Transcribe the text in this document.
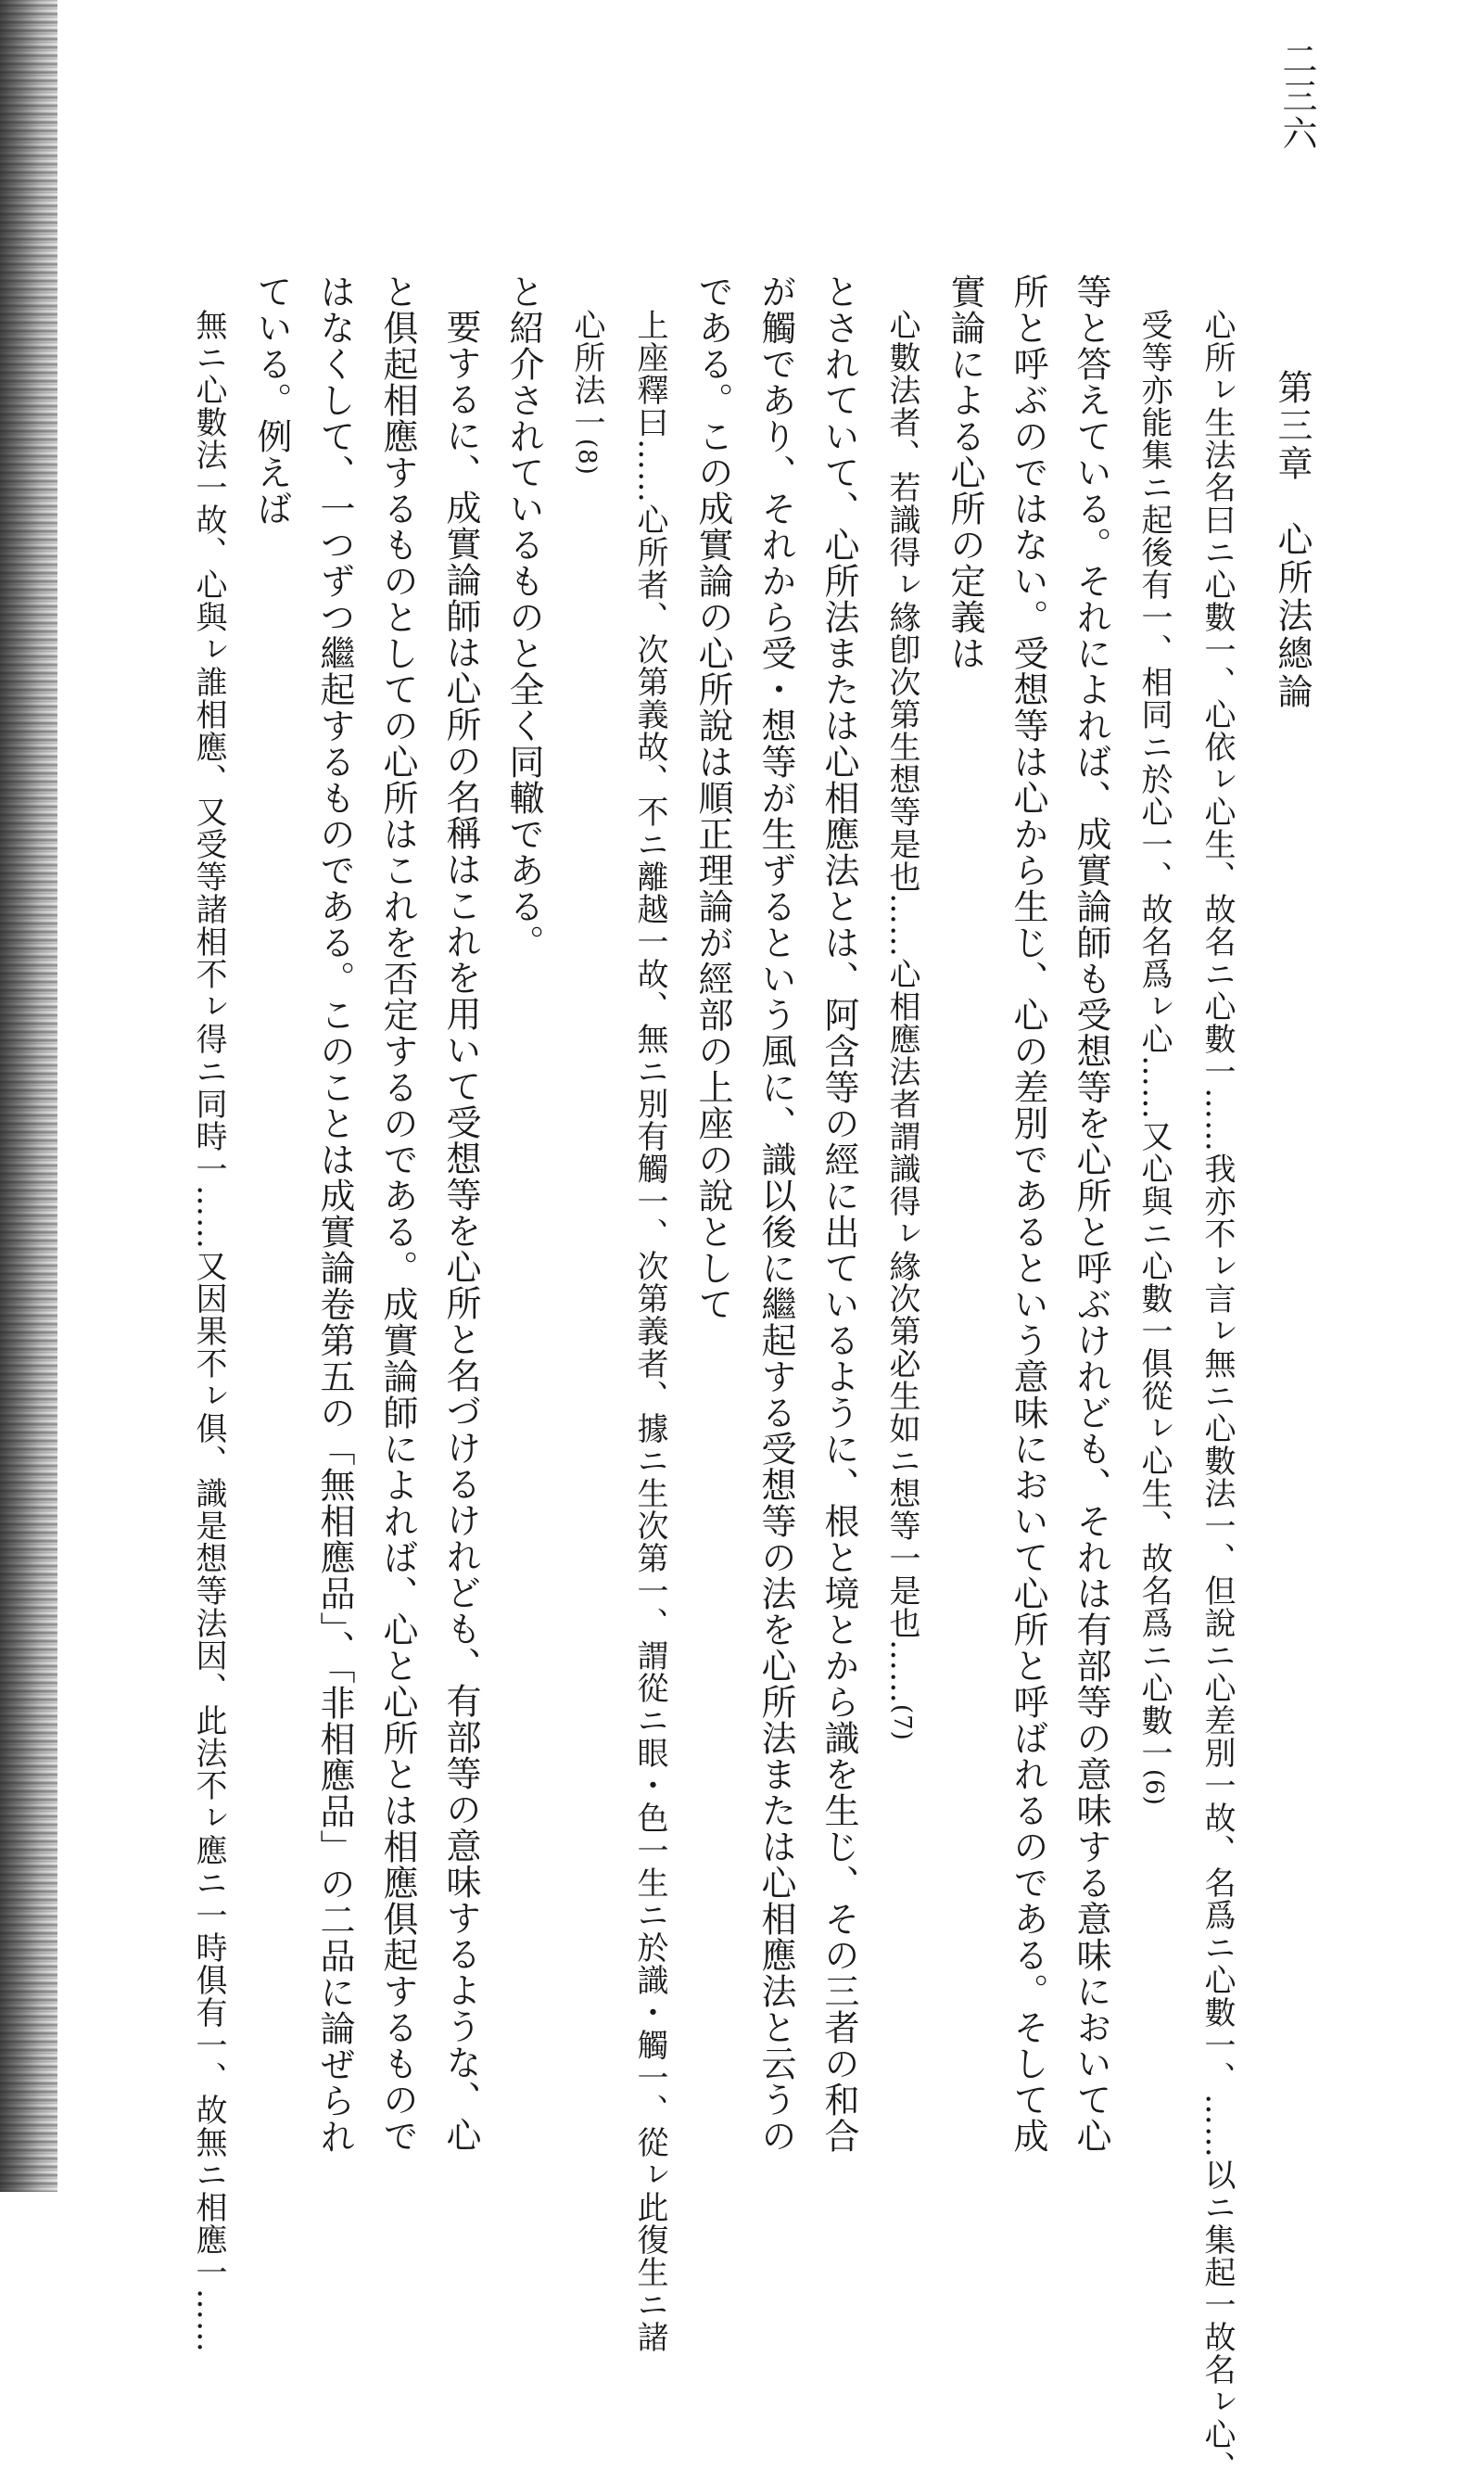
二三六
第三章　心所法總論

心所ㇾ生法名曰ニ心數一、心依ㇾ心生、故名ニ心數一……我亦不ㇾ言ㇾ無ニ心數法一、但說ニ心差別一故、名爲ニ心數一、……以ニ集起一故名ㇾ心、

受等亦能集ニ起後有一、相同ニ於心一、故名爲ㇾ心……又心與ニ心數一俱從ㇾ心生、故名爲ニ心數一(6)

等と答えている。それによれば、成實論師も受想等を心所と呼ぶけれども、それは有部等の意味する意味において心

所と呼ぶのではない。受想等は心から生じ、心の差別であるという意味において心所と呼ばれるのである。そして成

實論による心所の定義は

心數法者、若識得ㇾ緣卽次第生想等是也……心相應法者謂識得ㇾ緣次第必生如ニ想等一是也……(7)

とされていて、心所法または心相應法とは、阿含等の經に出ているように、根と境とから識を生じ、その三者の和合

が觸であり、それから受・想等が生ずるという風に、識以後に繼起する受想等の法を心所法または心相應法と云うの

である。この成實論の心所說は順正理論が經部の上座の說として

上座釋曰……心所者、次第義故、不ニ離越一故、無ニ別有觸一、次第義者、據ニ生次第一、謂從ニ眼・色一生ニ於識・觸一、從ㇾ此復生ニ諸

心所法一(8)

と紹介されているものと全く同轍である。

要するに、成實論師は心所の名稱はこれを用いて受想等を心所と名づけるけれども、有部等の意味するような、心

と俱起相應するものとしての心所はこれを否定するのである。成實論師によれば、心と心所とは相應俱起するもので

はなくして、一つずつ繼起するものである。このことは成實論卷第五の「無相應品」、「非相應品」の二品に論ぜられ

ている。例えば

無ニ心數法一故、心與ㇾ誰相應、又受等諸相不ㇾ得ニ同時一……又因果不ㇾ俱、識是想等法因、此法不ㇾ應ニ一時俱有一、故無ニ相應一……
